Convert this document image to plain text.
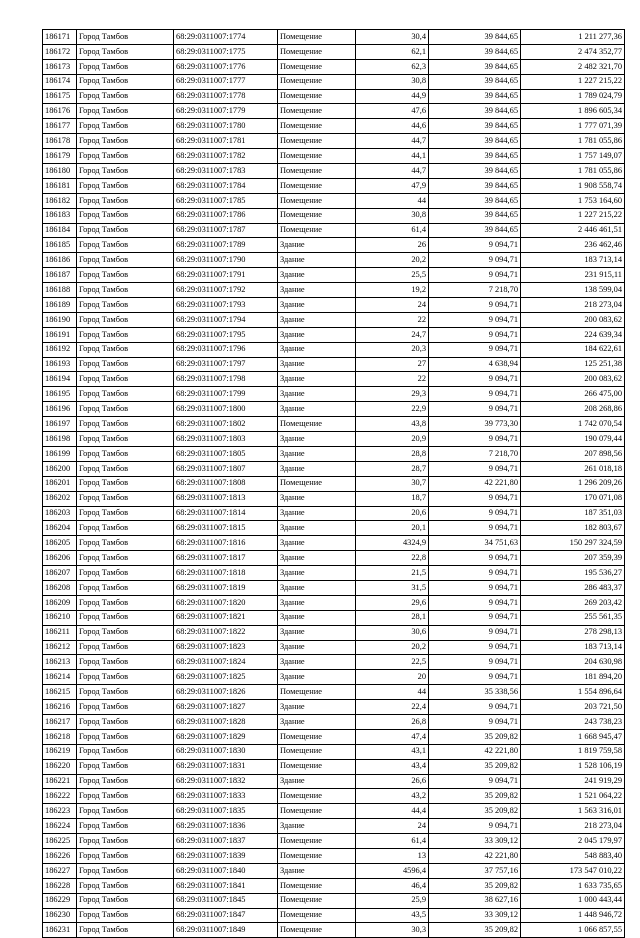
186171	Город Тамбов	68:29:0311007:1774	Помещение	30,4	39 844,65	1 211 277,36
186172	Город Тамбов	68:29:0311007:1775	Помещение	62,1	39 844,65	2 474 352,77
186173	Город Тамбов	68:29:0311007:1776	Помещение	62,3	39 844,65	2 482 321,70
186174	Город Тамбов	68:29:0311007:1777	Помещение	30,8	39 844,65	1 227 215,22
186175	Город Тамбов	68:29:0311007:1778	Помещение	44,9	39 844,65	1 789 024,79
186176	Город Тамбов	68:29:0311007:1779	Помещение	47,6	39 844,65	1 896 605,34
186177	Город Тамбов	68:29:0311007:1780	Помещение	44,6	39 844,65	1 777 071,39
186178	Город Тамбов	68:29:0311007:1781	Помещение	44,7	39 844,65	1 781 055,86
186179	Город Тамбов	68:29:0311007:1782	Помещение	44,1	39 844,65	1 757 149,07
186180	Город Тамбов	68:29:0311007:1783	Помещение	44,7	39 844,65	1 781 055,86
186181	Город Тамбов	68:29:0311007:1784	Помещение	47,9	39 844,65	1 908 558,74
186182	Город Тамбов	68:29:0311007:1785	Помещение	44	39 844,65	1 753 164,60
186183	Город Тамбов	68:29:0311007:1786	Помещение	30,8	39 844,65	1 227 215,22
186184	Город Тамбов	68:29:0311007:1787	Помещение	61,4	39 844,65	2 446 461,51
186185	Город Тамбов	68:29:0311007:1789	Здание	26	9 094,71	236 462,46
186186	Город Тамбов	68:29:0311007:1790	Здание	20,2	9 094,71	183 713,14
186187	Город Тамбов	68:29:0311007:1791	Здание	25,5	9 094,71	231 915,11
186188	Город Тамбов	68:29:0311007:1792	Здание	19,2	7 218,70	138 599,04
186189	Город Тамбов	68:29:0311007:1793	Здание	24	9 094,71	218 273,04
186190	Город Тамбов	68:29:0311007:1794	Здание	22	9 094,71	200 083,62
186191	Город Тамбов	68:29:0311007:1795	Здание	24,7	9 094,71	224 639,34
186192	Город Тамбов	68:29:0311007:1796	Здание	20,3	9 094,71	184 622,61
186193	Город Тамбов	68:29:0311007:1797	Здание	27	4 638,94	125 251,38
186194	Город Тамбов	68:29:0311007:1798	Здание	22	9 094,71	200 083,62
186195	Город Тамбов	68:29:0311007:1799	Здание	29,3	9 094,71	266 475,00
186196	Город Тамбов	68:29:0311007:1800	Здание	22,9	9 094,71	208 268,86
186197	Город Тамбов	68:29:0311007:1802	Помещение	43,8	39 773,30	1 742 070,54
186198	Город Тамбов	68:29:0311007:1803	Здание	20,9	9 094,71	190 079,44
186199	Город Тамбов	68:29:0311007:1805	Здание	28,8	7 218,70	207 898,56
186200	Город Тамбов	68:29:0311007:1807	Здание	28,7	9 094,71	261 018,18
186201	Город Тамбов	68:29:0311007:1808	Помещение	30,7	42 221,80	1 296 209,26
186202	Город Тамбов	68:29:0311007:1813	Здание	18,7	9 094,71	170 071,08
186203	Город Тамбов	68:29:0311007:1814	Здание	20,6	9 094,71	187 351,03
186204	Город Тамбов	68:29:0311007:1815	Здание	20,1	9 094,71	182 803,67
186205	Город Тамбов	68:29:0311007:1816	Здание	4324,9	34 751,63	150 297 324,59
186206	Город Тамбов	68:29:0311007:1817	Здание	22,8	9 094,71	207 359,39
186207	Город Тамбов	68:29:0311007:1818	Здание	21,5	9 094,71	195 536,27
186208	Город Тамбов	68:29:0311007:1819	Здание	31,5	9 094,71	286 483,37
186209	Город Тамбов	68:29:0311007:1820	Здание	29,6	9 094,71	269 203,42
186210	Город Тамбов	68:29:0311007:1821	Здание	28,1	9 094,71	255 561,35
186211	Город Тамбов	68:29:0311007:1822	Здание	30,6	9 094,71	278 298,13
186212	Город Тамбов	68:29:0311007:1823	Здание	20,2	9 094,71	183 713,14
186213	Город Тамбов	68:29:0311007:1824	Здание	22,5	9 094,71	204 630,98
186214	Город Тамбов	68:29:0311007:1825	Здание	20	9 094,71	181 894,20
186215	Город Тамбов	68:29:0311007:1826	Помещение	44	35 338,56	1 554 896,64
186216	Город Тамбов	68:29:0311007:1827	Здание	22,4	9 094,71	203 721,50
186217	Город Тамбов	68:29:0311007:1828	Здание	26,8	9 094,71	243 738,23
186218	Город Тамбов	68:29:0311007:1829	Помещение	47,4	35 209,82	1 668 945,47
186219	Город Тамбов	68:29:0311007:1830	Помещение	43,1	42 221,80	1 819 759,58
186220	Город Тамбов	68:29:0311007:1831	Помещение	43,4	35 209,82	1 528 106,19
186221	Город Тамбов	68:29:0311007:1832	Здание	26,6	9 094,71	241 919,29
186222	Город Тамбов	68:29:0311007:1833	Помещение	43,2	35 209,82	1 521 064,22
186223	Город Тамбов	68:29:0311007:1835	Помещение	44,4	35 209,82	1 563 316,01
186224	Город Тамбов	68:29:0311007:1836	Здание	24	9 094,71	218 273,04
186225	Город Тамбов	68:29:0311007:1837	Помещение	61,4	33 309,12	2 045 179,97
186226	Город Тамбов	68:29:0311007:1839	Помещение	13	42 221,80	548 883,40
186227	Город Тамбов	68:29:0311007:1840	Здание	4596,4	37 757,16	173 547 010,22
186228	Город Тамбов	68:29:0311007:1841	Помещение	46,4	35 209,82	1 633 735,65
186229	Город Тамбов	68:29:0311007:1845	Помещение	25,9	38 627,16	1 000 443,44
186230	Город Тамбов	68:29:0311007:1847	Помещение	43,5	33 309,12	1 448 946,72
186231	Город Тамбов	68:29:0311007:1849	Помещение	30,3	35 209,82	1 066 857,55
